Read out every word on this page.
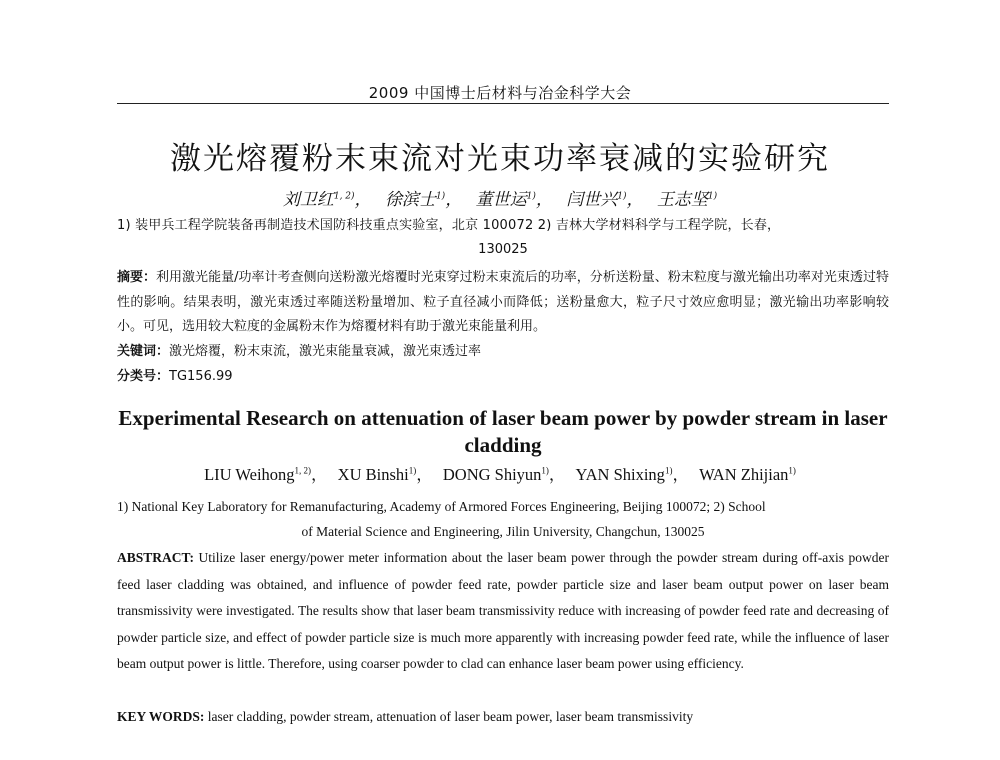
2009 中国博士后材料与冶金科学大会
激光熔覆粉末束流对光束功率衰减的实验研究
刘卫红$^{1, 2)}$， 徐滨士$^{1)}$， 董世运$^{1)}$， 闫世兴$^{1)}$， 王志坚$^{1)}$
1) 装甲兵工程学院装备再制造技术国防科技重点实验室，北京 100072 2) 吉林大学材料科学与工程学院，长春，
130025
摘要：利用激光能量/功率计考查侧向送粉激光熔覆时光束穿过粉末束流后的功率，分析送粉量、粉末粒度与激光输出功率对光束透过特性的影响。结果表明，激光束透过率随送粉量增加、粒子直径减小而降低；送粉量愈大，粒子尺寸效应愈明显；激光输出功率影响较小。可见，选用较大粒度的金属粉末作为熔覆材料有助于激光束能量利用。
关键词：激光熔覆，粉末束流，激光束能量衰减，激光束透过率
分类号：TG156.99
Experimental Research on attenuation of laser beam power by powder stream in laser cladding
LIU Weihong$^{1, 2)}$， XU Binshi$^{1)}$， DONG Shiyun$^{1)}$， YAN Shixing$^{1)}$， WAN Zhijian$^{1)}$
1) National Key Laboratory for Remanufacturing, Academy of Armored Forces Engineering, Beijing 100072; 2) School
of Material Science and Engineering, Jilin University, Changchun, 130025
ABSTRACT: Utilize laser energy/power meter information about the laser beam power through the powder stream during off-axis powder feed laser cladding was obtained, and influence of powder feed rate, powder particle size and laser beam output power on laser beam transmissivity were investigated. The results show that laser beam transmissivity reduce with increasing of powder feed rate and decreasing of powder particle size, and effect of powder particle size is much more apparently with increasing powder feed rate, while the influence of laser beam output power is little. Therefore, using coarser powder to clad can enhance laser beam power using efficiency.
KEY WORDS: laser cladding, powder stream, attenuation of laser beam power, laser beam transmissivity
